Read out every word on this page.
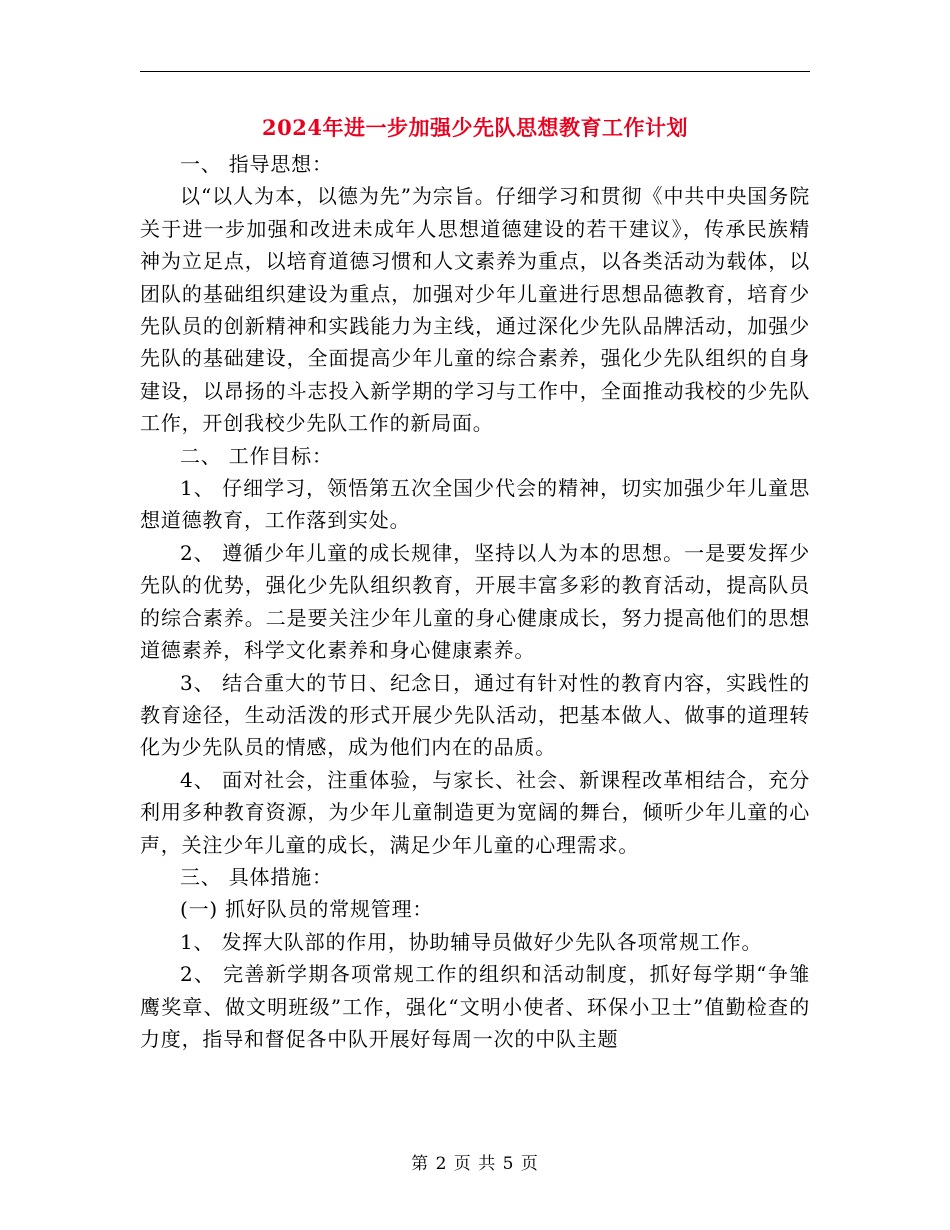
2024年进一步加强少先队思想教育工作计划

一、 指导思想：

以“以人为本，以德为先”为宗旨。仔细学习和贯彻《中共中央国务院关于进一步加强和改进未成年人思想道德建设的若干建议》，传承民族精神为立足点，以培育道德习惯和人文素养为重点，以各类活动为载体，以团队的基础组织建设为重点，加强对少年儿童进行思想品德教育，培育少先队员的创新精神和实践能力为主线，通过深化少先队品牌活动，加强少先队的基础建设，全面提高少年儿童的综合素养，强化少先队组织的自身建设，以昂扬的斗志投入新学期的学习与工作中，全面推动我校的少先队工作，开创我校少先队工作的新局面。

二、 工作目标：

1、 仔细学习，领悟第五次全国少代会的精神，切实加强少年儿童思想道德教育，工作落到实处。

2、 遵循少年儿童的成长规律，坚持以人为本的思想。一是要发挥少先队的优势，强化少先队组织教育，开展丰富多彩的教育活动，提高队员的综合素养。二是要关注少年儿童的身心健康成长，努力提高他们的思想道德素养，科学文化素养和身心健康素养。

3、 结合重大的节日、纪念日，通过有针对性的教育内容，实践性的教育途径，生动活泼的形式开展少先队活动，把基本做人、做事的道理转化为少先队员的情感，成为他们内在的品质。

4、 面对社会，注重体验，与家长、社会、新课程改革相结合，充分利用多种教育资源，为少年儿童制造更为宽阔的舞台，倾听少年儿童的心声，关注少年儿童的成长，满足少年儿童的心理需求。

三、 具体措施：

(一) 抓好队员的常规管理：

1、 发挥大队部的作用，协助辅导员做好少先队各项常规工作。

2、 完善新学期各项常规工作的组织和活动制度，抓好每学期“争雏鹰奖章、做文明班级”工作，强化“文明小使者、环保小卫士”值勤检查的力度，指导和督促各中队开展好每周一次的中队主题

第 2 页 共 5 页
